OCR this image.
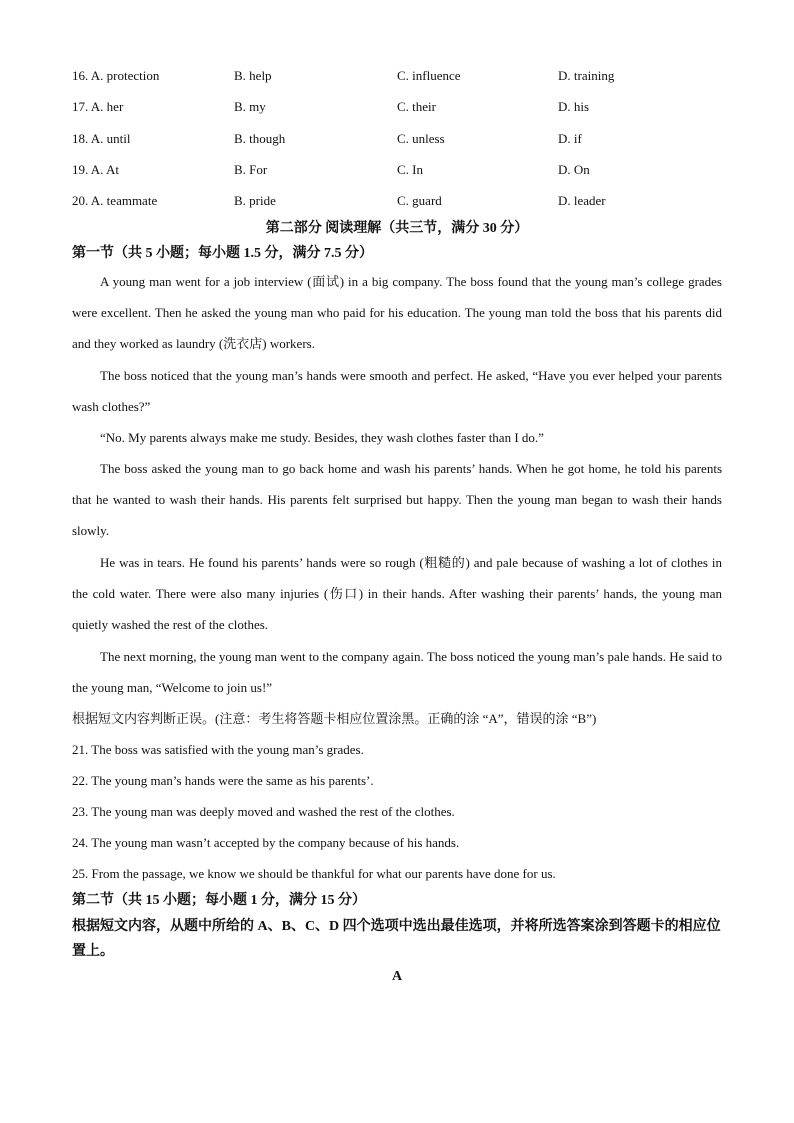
16. A. protection	B. help	C. influence	D. training
17. A. her	B. my	C. their	D. his
18. A. until	B. though	C. unless	D. if
19. A. At	B. For	C. In	D. On
20. A. teammate	B. pride	C. guard	D. leader
第二部分 阅读理解（共三节，满分 30 分）
第一节（共 5 小题；每小题 1.5 分，满分 7.5 分）

A young man went for a job interview (面试) in a big company. The boss found that the young man’s college grades were excellent. Then he asked the young man who paid for his education. The young man told the boss that his parents did and they worked as laundry (洗衣店) workers.

The boss noticed that the young man’s hands were smooth and perfect. He asked, “Have you ever helped your parents wash clothes?”

“No. My parents always make me study. Besides, they wash clothes faster than I do.”

The boss asked the young man to go back home and wash his parents’ hands. When he got home, he told his parents that he wanted to wash their hands. His parents felt surprised but happy. Then the young man began to wash their hands slowly.

He was in tears. He found his parents’ hands were so rough (粗糙的) and pale because of washing a lot of clothes in the cold water. There were also many injuries (伤口) in their hands. After washing their parents’ hands, the young man quietly washed the rest of the clothes.

The next morning, the young man went to the company again. The boss noticed the young man’s pale hands. He said to the young man, “Welcome to join us!”

根据短文内容判断正误。(注意：考生将答题卡相应位置涂黑。正确的涂 “A”，错误的涂 “B”)
21. The boss was satisfied with the young man’s grades.
22. The young man’s hands were the same as his parents’.
23. The young man was deeply moved and washed the rest of the clothes.
24. The young man wasn’t accepted by the company because of his hands.
25. From the passage, we know we should be thankful for what our parents have done for us.
第二节（共 15 小题；每小题 1 分，满分 15 分）

根据短文内容，从题中所给的 A、B、C、D 四个选项中选出最佳选项，并将所选答案涂到答题卡的相应位置上。

A
